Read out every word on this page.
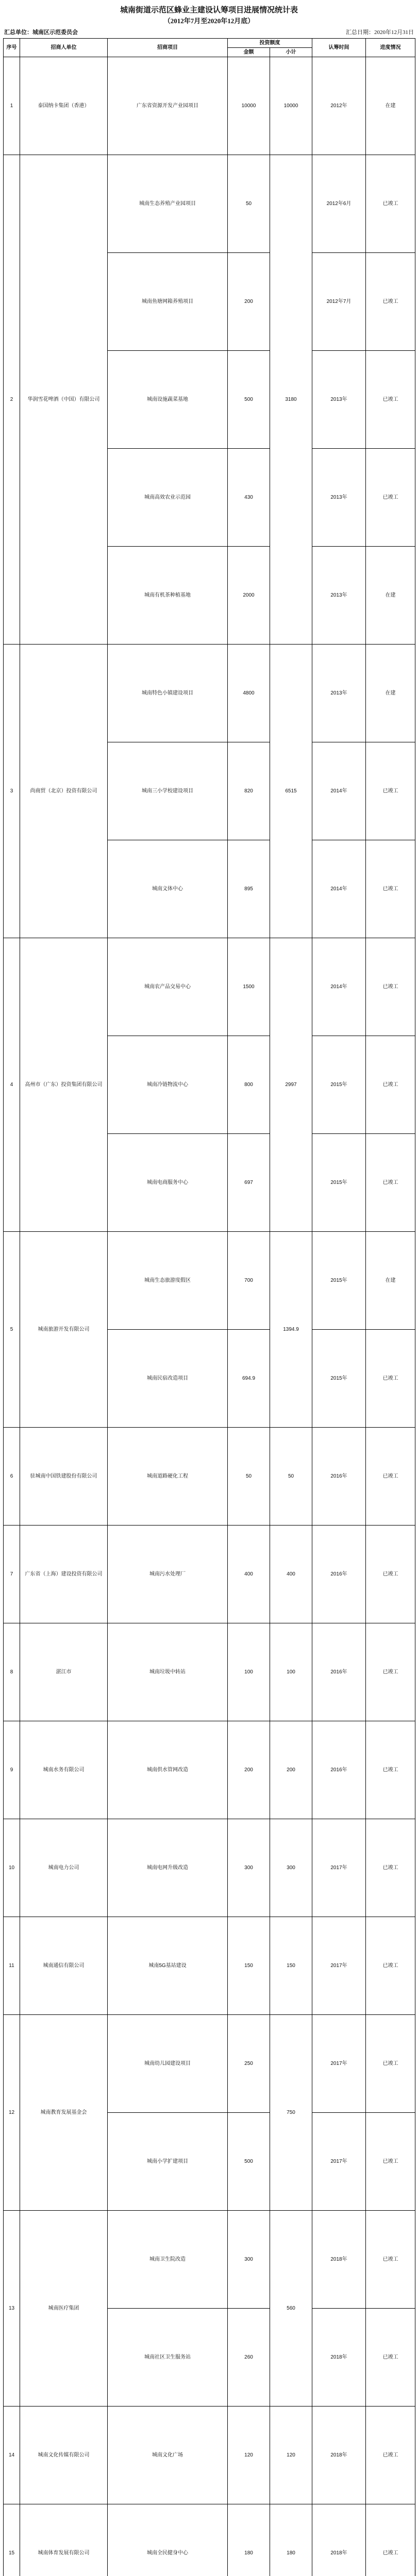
城南街道示范区蜂业主建设认筹项目进展情况统计表
（2012年7月至2020年12月底）
汇总单位：城南区示范委员会	汇总日期：2020年12月31日
序号	招商人单位	招商项目	投资额度		认筹时间	进度情况
			金额	小计		
1	泰国纳卡集团（香港）	广东省资源开发产业园项目	10000	10000	2012年	在建
2	华润雪花啤酒（中国）有限公司	城南生态养殖产业园项目	50	3180	2012年6月	已竣工
		城南鱼塘网箱养殖项目	200		2012年7月	已竣工
		城南设施蔬菜基地	500		2013年	已竣工
		城南高效农业示范园	430		2013年	已竣工
		城南有机茶种植基地	2000		2013年	在建
3	尚商贸（北京）投资有限公司	城南特色小镇建设项目	4800	6515	2013年	在建
		城南三小学校建设项目	820		2014年	已竣工
		城南文体中心	895		2014年	已竣工
4	高州市（广东）投资集团有限公司	城南农产品交易中心	1500	2997	2014年	已竣工
		城南冷链物流中心	800		2015年	已竣工
		城南电商服务中心	697		2015年	已竣工
5	城南旅游开发有限公司	城南生态旅游度假区	700	1394.9	2015年	在建
		城南民宿改造项目	694.9		2015年	已竣工
6	驻城南中国铁建股份有限公司	城南道路硬化工程	50	50	2016年	已竣工
7	广东省（上海）建设投资有限公司	城南污水处理厂	400	400	2016年	已竣工
8	湛江市	城南垃圾中转站	100	100	2016年	已竣工
9	城南水务有限公司	城南供水管网改造	200	200	2016年	已竣工
10	城南电力公司	城南电网升级改造	300	300	2017年	已竣工
11	城南通信有限公司	城南5G基站建设	150	150	2017年	已竣工
12	城南教育发展基金会	城南幼儿园建设项目	250	750	2017年	已竣工
		城南小学扩建项目	500		2017年	已竣工
13	城南医疗集团	城南卫生院改造	300	560	2018年	已竣工
		城南社区卫生服务站	260		2018年	已竣工
14	城南文化传媒有限公司	城南文化广场	120	120	2018年	已竣工
15	城南体育发展有限公司	城南全民健身中心	180	180	2018年	已竣工
